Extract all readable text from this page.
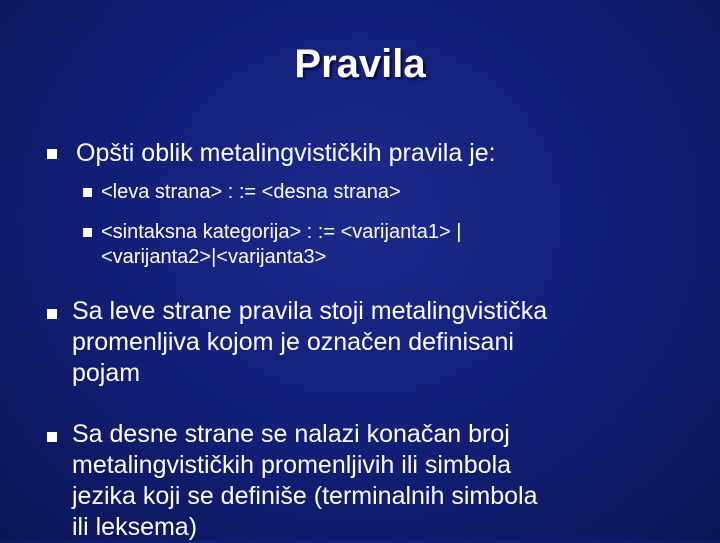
Pravila
Opšti oblik metalingvističkih pravila je:
<leva strana> : := <desna strana>
<sintaksna kategorija> : := <varijanta1> |
<varijanta2>|<varijanta3>
Sa leve strane pravila stoji metalingvistička
promenljiva kojom je označen definisani
pojam
Sa desne strane se nalazi konačan broj
metalingvističkih promenljivih ili simbola
jezika koji se definiše (terminalnih simbola
ili leksema)
